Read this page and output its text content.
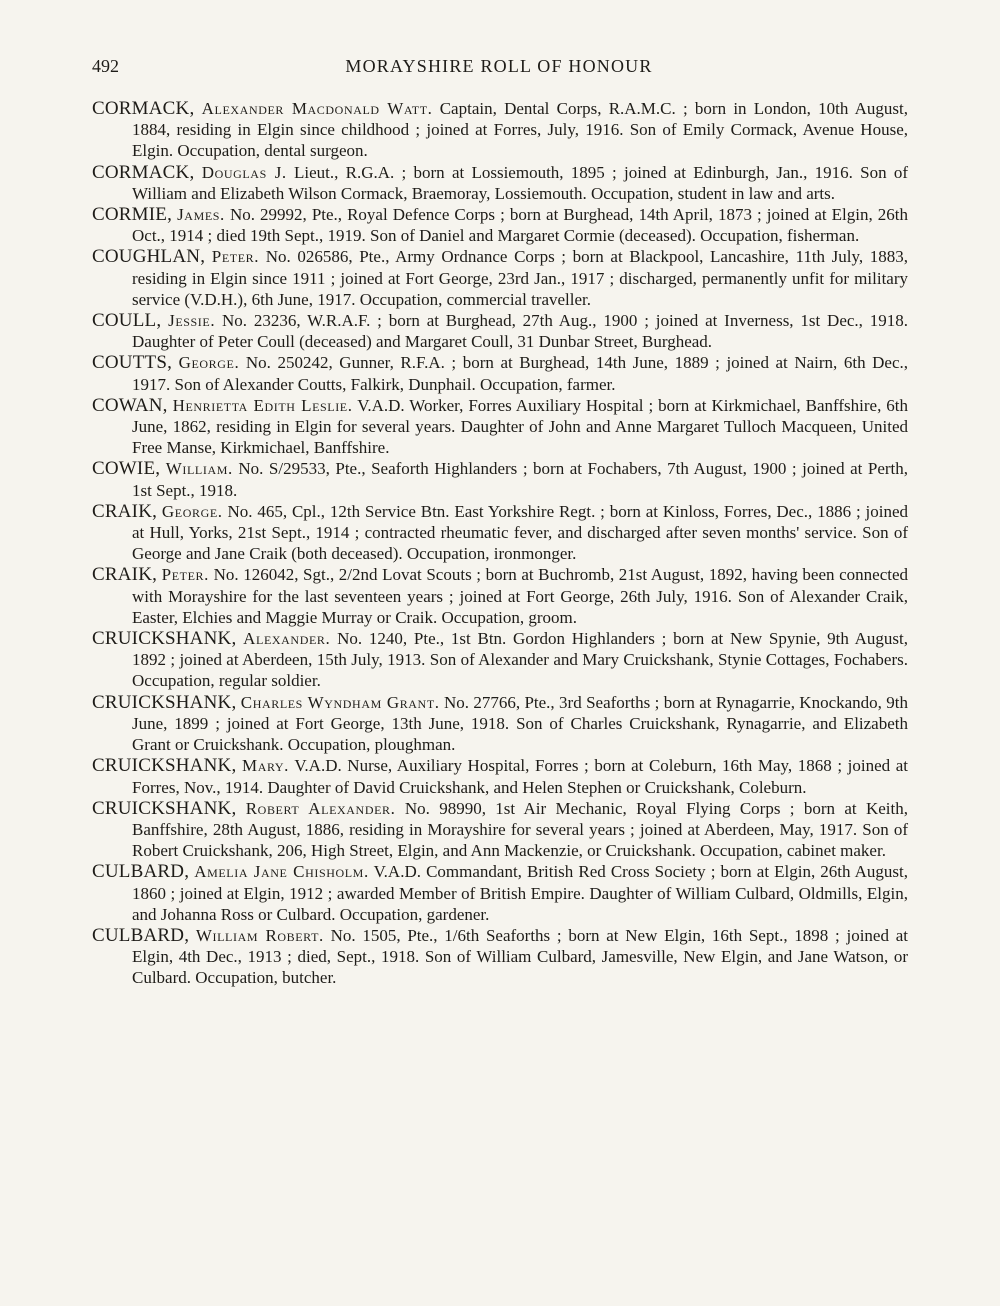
492	MORAYSHIRE ROLL OF HONOUR

CORMACK, Alexander Macdonald Watt. Captain, Dental Corps, R.A.M.C. ; born in London, 10th August, 1884, residing in Elgin since childhood ; joined at Forres, July, 1916. Son of Emily Cormack, Avenue House, Elgin. Occupation, dental surgeon.

CORMACK, Douglas J. Lieut., R.G.A. ; born at Lossiemouth, 1895 ; joined at Edinburgh, Jan., 1916. Son of William and Elizabeth Wilson Cormack, Braemoray, Lossiemouth. Occupation, student in law and arts.

CORMIE, James. No. 29992, Pte., Royal Defence Corps ; born at Burghead, 14th April, 1873 ; joined at Elgin, 26th Oct., 1914 ; died 19th Sept., 1919. Son of Daniel and Margaret Cormie (deceased). Occupation, fisherman.

COUGHLAN, Peter. No. 026586, Pte., Army Ordnance Corps ; born at Blackpool, Lancashire, 11th July, 1883, residing in Elgin since 1911 ; joined at Fort George, 23rd Jan., 1917 ; discharged, permanently unfit for military service (V.D.H.), 6th June, 1917. Occupation, commercial traveller.

COULL, Jessie. No. 23236, W.R.A.F. ; born at Burghead, 27th Aug., 1900 ; joined at Inverness, 1st Dec., 1918. Daughter of Peter Coull (deceased) and Margaret Coull, 31 Dunbar Street, Burghead.

COUTTS, George. No. 250242, Gunner, R.F.A. ; born at Burghead, 14th June, 1889 ; joined at Nairn, 6th Dec., 1917. Son of Alexander Coutts, Falkirk, Dunphail. Occupation, farmer.

COWAN, Henrietta Edith Leslie. V.A.D. Worker, Forres Auxiliary Hospital ; born at Kirkmichael, Banffshire, 6th June, 1862, residing in Elgin for several years. Daughter of John and Anne Margaret Tulloch Macqueen, United Free Manse, Kirkmichael, Banffshire.

COWIE, William. No. S/29533, Pte., Seaforth Highlanders ; born at Fochabers, 7th August, 1900 ; joined at Perth, 1st Sept., 1918.

CRAIK, George. No. 465, Cpl., 12th Service Btn. East Yorkshire Regt. ; born at Kinloss, Forres, Dec., 1886 ; joined at Hull, Yorks, 21st Sept., 1914 ; contracted rheumatic fever, and discharged after seven months' service. Son of George and Jane Craik (both deceased). Occupation, ironmonger.

CRAIK, Peter. No. 126042, Sgt., 2/2nd Lovat Scouts ; born at Buchromb, 21st August, 1892, having been connected with Morayshire for the last seventeen years ; joined at Fort George, 26th July, 1916. Son of Alexander Craik, Easter, Elchies and Maggie Murray or Craik. Occupation, groom.

CRUICKSHANK, Alexander. No. 1240, Pte., 1st Btn. Gordon Highlanders ; born at New Spynie, 9th August, 1892 ; joined at Aberdeen, 15th July, 1913. Son of Alexander and Mary Cruickshank, Stynie Cottages, Fochabers. Occupation, regular soldier.

CRUICKSHANK, Charles Wyndham Grant. No. 27766, Pte., 3rd Seaforths ; born at Rynagarrie, Knockando, 9th June, 1899 ; joined at Fort George, 13th June, 1918. Son of Charles Cruickshank, Rynagarrie, and Elizabeth Grant or Cruickshank. Occupation, ploughman.

CRUICKSHANK, Mary. V.A.D. Nurse, Auxiliary Hospital, Forres ; born at Coleburn, 16th May, 1868 ; joined at Forres, Nov., 1914. Daughter of David Cruickshank, and Helen Stephen or Cruickshank, Coleburn.

CRUICKSHANK, Robert Alexander. No. 98990, 1st Air Mechanic, Royal Flying Corps ; born at Keith, Banffshire, 28th August, 1886, residing in Morayshire for several years ; joined at Aberdeen, May, 1917. Son of Robert Cruickshank, 206, High Street, Elgin, and Ann Mackenzie, or Cruickshank. Occupation, cabinet maker.

CULBARD, Amelia Jane Chisholm. V.A.D. Commandant, British Red Cross Society ; born at Elgin, 26th August, 1860 ; joined at Elgin, 1912 ; awarded Member of British Empire. Daughter of William Culbard, Oldmills, Elgin, and Johanna Ross or Culbard. Occupation, gardener.

CULBARD, William Robert. No. 1505, Pte., 1/6th Seaforths ; born at New Elgin, 16th Sept., 1898 ; joined at Elgin, 4th Dec., 1913 ; died, Sept., 1918. Son of William Culbard, Jamesville, New Elgin, and Jane Watson, or Culbard. Occupation, butcher.
